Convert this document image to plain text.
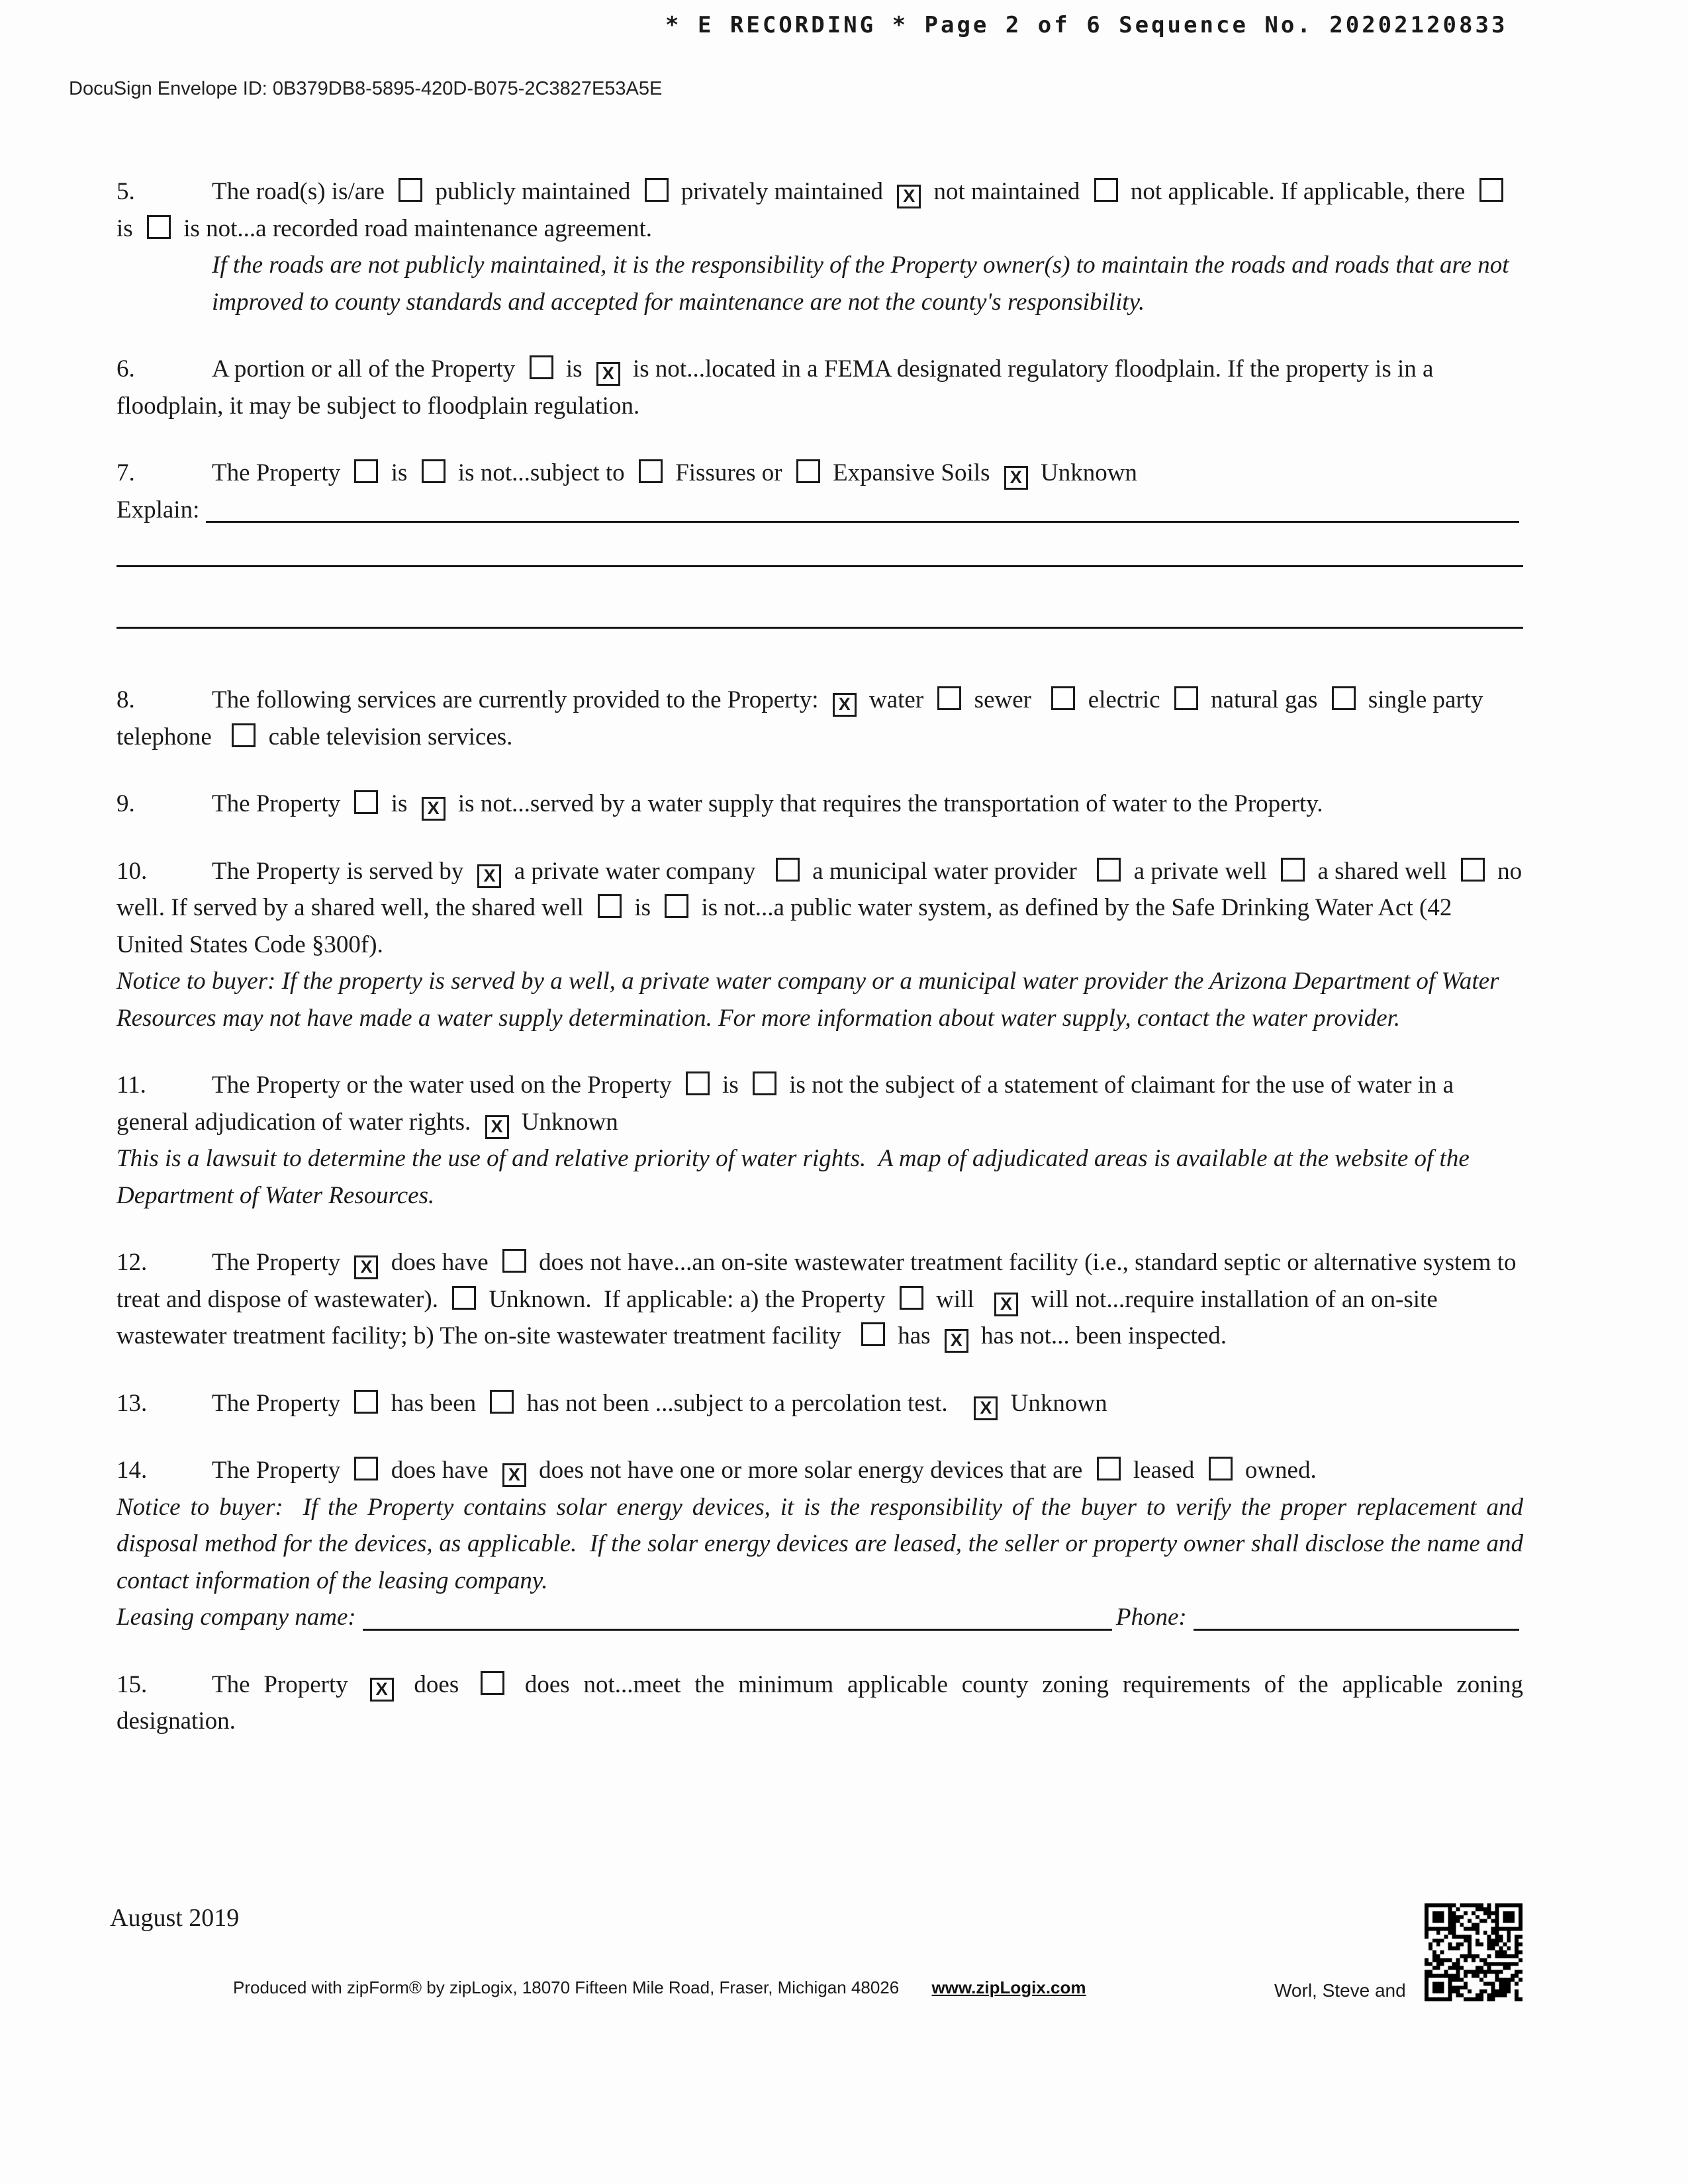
* E RECORDING * Page 2 of 6 Sequence No. 20202120833
DocuSign Envelope ID: 0B379DB8-5895-420D-B075-2C3827E53A5E
5.	The road(s) is/are  publicly maintained  privately maintained X not maintained  not applicable. If applicable, there  is  is not...a recorded road maintenance agreement.
If the roads are not publicly maintained, it is the responsibility of the Property owner(s) to maintain the roads and roads that are not improved to county standards and accepted for maintenance are not the county's responsibility.
6.	A portion or all of the Property  is X is not...located in a FEMA designated regulatory floodplain. If the property is in a floodplain, it may be subject to floodplain regulation.
7.	The Property  is  is not...subject to  Fissures or  Expansive Soils X Unknown
Explain:
8.	The following services are currently provided to the Property: X water  sewer   electric  natural gas  single party telephone   cable television services.
9.	The Property  is X is not...served by a water supply that requires the transportation of water to the Property.
10.	The Property is served by X a private water company   a municipal water provider   a private well  a shared well  no well. If served by a shared well, the shared well  is  is not...a public water system, as defined by the Safe Drinking Water Act (42 United States Code §300f).
Notice to buyer: If the property is served by a well, a private water company or a municipal water provider the Arizona Department of Water Resources may not have made a water supply determination. For more information about water supply, contact the water provider.
11.	The Property or the water used on the Property  is  is not the subject of a statement of claimant for the use of water in a general adjudication of water rights. X Unknown
This is a lawsuit to determine the use of and relative priority of water rights.  A map of adjudicated areas is available at the website of the Department of Water Resources.
12.	The Property X does have  does not have...an on-site wastewater treatment facility (i.e., standard septic or alternative system to treat and dispose of wastewater).  Unknown.  If applicable: a) the Property  will  X will not...require installation of an on-site wastewater treatment facility; b) The on-site wastewater treatment facility   has X has not... been inspected.
13.	The Property  has been  has not been ...subject to a percolation test.   X Unknown
14.	The Property  does have X does not have one or more solar energy devices that are  leased  owned.
Notice to buyer:  If the Property contains solar energy devices, it is the responsibility of the buyer to verify the proper replacement and disposal method for the devices, as applicable.  If the solar energy devices are leased, the seller or property owner shall disclose the name and contact information of the leasing company.
Leasing company name:	Phone:
15.	The Property X does  does not...meet the minimum applicable county zoning requirements of the applicable zoning designation.
August 2019
Produced with zipForm® by zipLogix, 18070 Fifteen Mile Road, Fraser, Michigan 48026 www.zipLogix.com	Worl, Steve and
